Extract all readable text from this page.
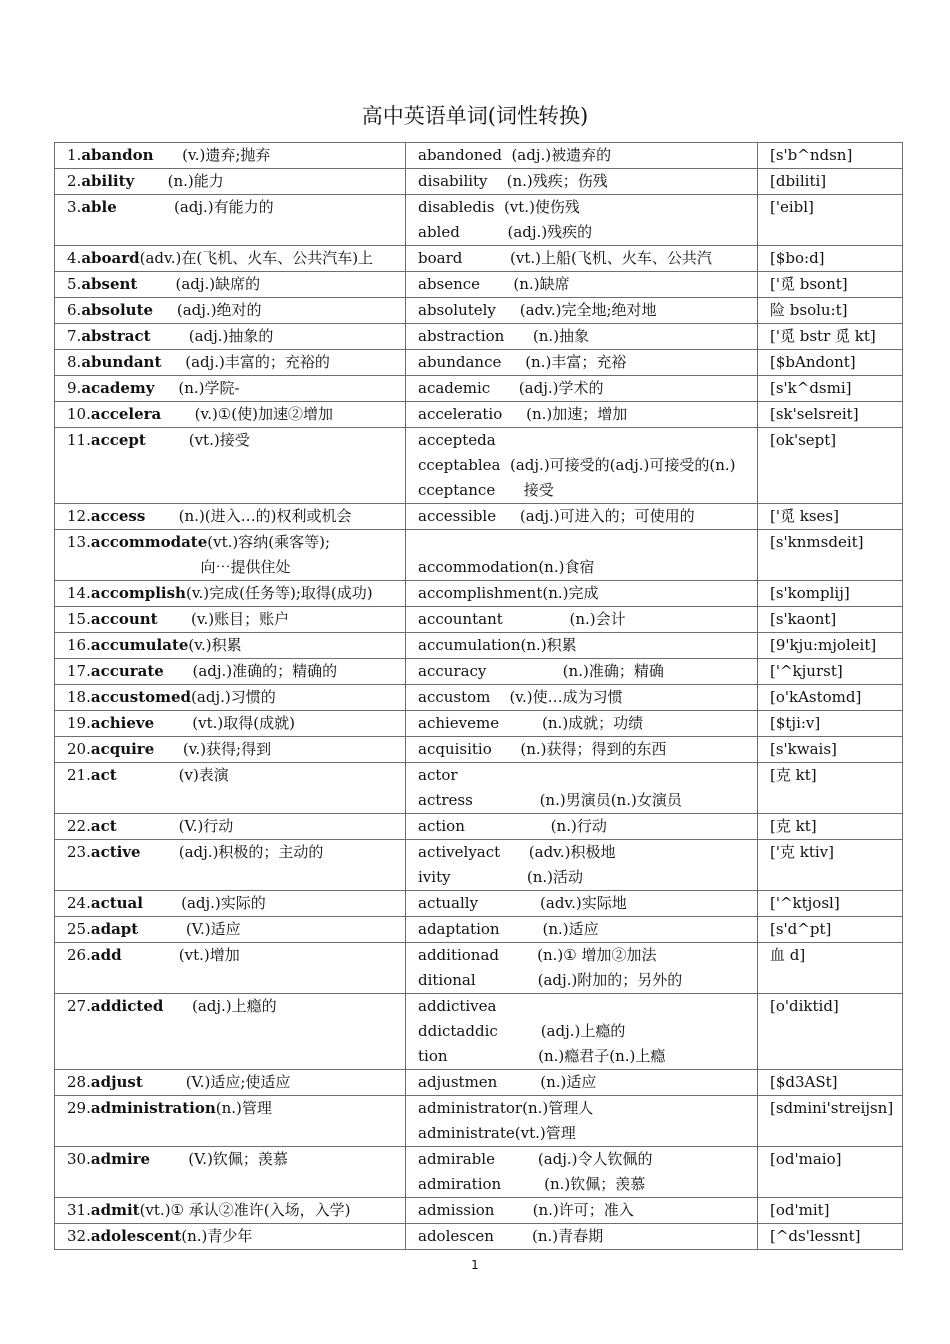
高中英语单词(词性转换)
1.abandon      (v.)遗弃;抛弃	abandoned  (adj.)被遗弃的	[s'b^ndsn]

2.ability       (n.)能力	disability    (n.)残疾；伤残	[dbiliti]

3.able            (adj.)有能力的	disabledis  (vt.)使伤残
abled          (adj.)残疾的	['eibl]

4.aboard(adv.)在(飞机、火车、公共汽车)上	board          (vt.)上船(飞机、火车、公共汽	[$bo:d]

5.absent        (adj.)缺席的	absence       (n.)缺席	['觅 bsont]

6.absolute     (adj.)绝对的	absolutely     (adv.)完全地;绝对地	险 bsolu:t]

7.abstract        (adj.)抽象的	abstraction      (n.)抽象	['觅 bstr 觅 kt]

8.abundant     (adj.)丰富的；充裕的	abundance     (n.)丰富；充裕	[$bAndont]

9.academy     (n.)学院-	academic      (adj.)学术的	[s'k^dsmi]

10.accelera       (v.)①(使)加速②增加	acceleratio     (n.)加速；增加	[sk'selsreit]

11.accept         (vt.)接受	accepteda
cceptablea  (adj.)可接受的(adj.)可接受的(n.)
cceptance      接受	[ok'sept]

12.access       (n.)(进入…的)权利或机会	accessible     (adj.)可进入的；可使用的	['觅 kses]

13.accommodate(vt.)容纳(乘客等);
向⋯提供住处	accommodation(n.)食宿	[s'knmsdeit]

14.accomplish(v.)完成(任务等);取得(成功)	accomplishment(n.)完成	[s'komplij]

15.account       (v.)账目；账户	accountant              (n.)会计	[s'kaont]

16.accumulate(v.)积累	accumulation(n.)积累	[9'kju:mjoleit]

17.accurate      (adj.)准确的；精确的	accuracy                (n.)准确；精确	['^kjurst]

18.accustomed(adj.)习惯的	accustom    (v.)使…成为习惯	[o'kAstomd]

19.achieve        (vt.)取得(成就)	achieveme         (n.)成就；功绩	[$tji:v]

20.acquire      (v.)获得;得到	acquisitio      (n.)获得；得到的东西	[s'kwais]

21.act             (v)表演	actor
actress              (n.)男演员(n.)女演员	[克 kt]

22.act             (V.)行动	action                  (n.)行动	[克 kt]

23.active        (adj.)积极的；主动的	activelyact      (adv.)积极地
ivity                (n.)活动	['克 ktiv]

24.actual        (adj.)实际的	actually             (adv.)实际地	['^ktjosl]

25.adapt          (V.)适应	adaptation         (n.)适应	[s'd^pt]

26.add            (vt.)增加	additionad        (n.)① 增加②加法
ditional             (adj.)附加的；另外的	血 d]

27.addicted      (adj.)上瘾的	addictivea
ddictaddic         (adj.)上瘾的
tion                   (n.)瘾君子(n.)上瘾	[o'diktid]

28.adjust         (V.)适应;使适应	adjustmen         (n.)适应	[$d3ASt]

29.administration(n.)管理	administrator(n.)管理人
administrate(vt.)管理	[sdmini'streijsn]

30.admire        (V.)钦佩；羡慕	admirable         (adj.)令人钦佩的
admiration         (n.)钦佩；羡慕	[od'maio]

31.admit(vt.)① 承认②准许(入场，入学)	admission        (n.)许可；准入	[od'mit]

32.adolescent(n.)青少年	adolescen        (n.)青春期	[^ds'lessnt]
1
